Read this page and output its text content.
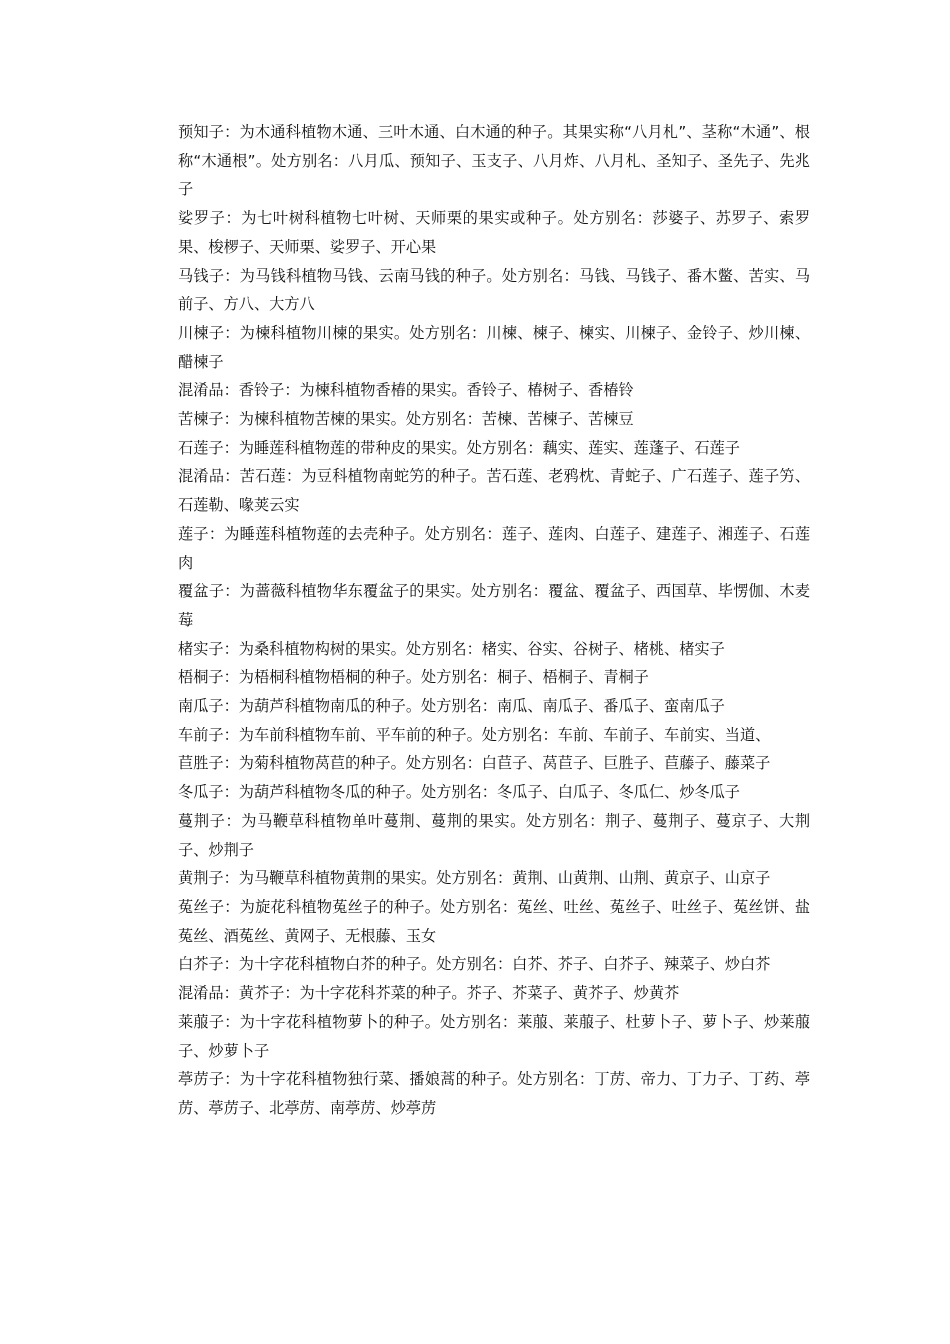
预知子：为木通科植物木通、三叶木通、白木通的种子。其果实称“八月札”、茎称“木通”、根称“木通根”。处方别名：八月瓜、预知子、玉支子、八月炸、八月札、圣知子、圣先子、先兆子

娑罗子：为七叶树科植物七叶树、天师栗的果实或种子。处方别名：莎婆子、苏罗子、索罗果、梭椤子、天师栗、娑罗子、开心果

马钱子：为马钱科植物马钱、云南马钱的种子。处方别名：马钱、马钱子、番木鳖、苦实、马前子、方八、大方八

川楝子：为楝科植物川楝的果实。处方别名：川楝、楝子、楝实、川楝子、金铃子、炒川楝、醋楝子

混淆品：香铃子：为楝科植物香椿的果实。香铃子、椿树子、香椿铃

苦楝子：为楝科植物苦楝的果实。处方别名：苦楝、苦楝子、苦楝豆

石莲子：为睡莲科植物莲的带种皮的果实。处方别名：藕实、莲实、莲蓬子、石莲子

混淆品：苦石莲：为豆科植物南蛇竻的种子。苦石莲、老鸦枕、青蛇子、广石莲子、莲子竻、石莲勒、喙荚云实

莲子：为睡莲科植物莲的去壳种子。处方别名：莲子、莲肉、白莲子、建莲子、湘莲子、石莲肉

覆盆子：为蔷薇科植物华东覆盆子的果实。处方别名：覆盆、覆盆子、西国草、毕愣伽、木麦莓

楮实子：为桑科植物构树的果实。处方别名：楮实、谷实、谷树子、楮桃、楮实子

梧桐子：为梧桐科植物梧桐的种子。处方别名：桐子、梧桐子、青桐子

南瓜子：为葫芦科植物南瓜的种子。处方别名：南瓜、南瓜子、番瓜子、蛮南瓜子

车前子：为车前科植物车前、平车前的种子。处方别名：车前、车前子、车前实、当道、

苣胜子：为菊科植物莴苣的种子。处方别名：白苣子、莴苣子、巨胜子、苣藤子、藤菜子

冬瓜子：为葫芦科植物冬瓜的种子。处方别名：冬瓜子、白瓜子、冬瓜仁、炒冬瓜子

蔓荆子：为马鞭草科植物单叶蔓荆、蔓荆的果实。处方别名：荆子、蔓荆子、蔓京子、大荆子、炒荆子

黄荆子：为马鞭草科植物黄荆的果实。处方别名：黄荆、山黄荆、山荆、黄京子、山京子

菟丝子：为旋花科植物菟丝子的种子。处方别名：菟丝、吐丝、菟丝子、吐丝子、菟丝饼、盐菟丝、酒菟丝、黄网子、无根藤、玉女

白芥子：为十字花科植物白芥的种子。处方别名：白芥、芥子、白芥子、辣菜子、炒白芥

混淆品：黄芥子：为十字花科芥菜的种子。芥子、芥菜子、黄芥子、炒黄芥

莱菔子：为十字花科植物萝卜的种子。处方别名：莱菔、莱菔子、杜萝卜子、萝卜子、炒莱菔子、炒萝卜子

葶苈子：为十字花科植物独行菜、播娘蒿的种子。处方别名：丁苈、帝力、丁力子、丁药、葶苈、葶苈子、北葶苈、南葶苈、炒葶苈
